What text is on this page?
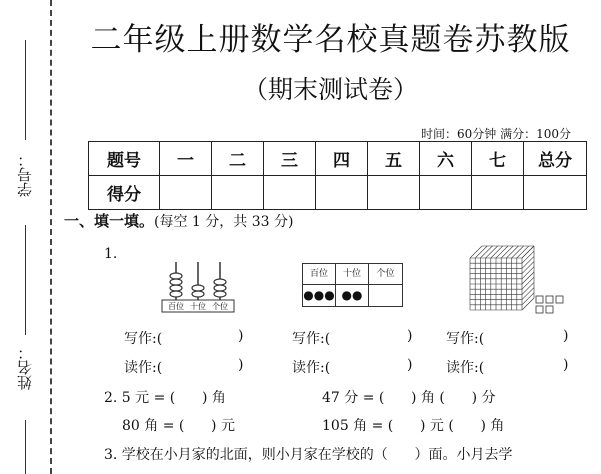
学号：
姓名：
二年级上册数学名校真题卷苏教版
（期末测试卷）
时间：60分钟 满分：100分
题号	一	二	三	四	五	六	七	总分
得分								
一、填一填。(每空 1 分，共 33 分)
1.
百位 十位 个位
百位	十位	个位
●●● ●●
写作:(	)	写作:(	) 写作:(	)
读作:(	)	读作:(	) 读作:(	)
2. 5 元 = (      ) 角	47 分 = (      ) 角 (      ) 分
80 角 = (      ) 元	105 角 = (      ) 元 (      ) 角
3. 学校在小月家的北面，则小月家在学校的（      ）面。小月去学
